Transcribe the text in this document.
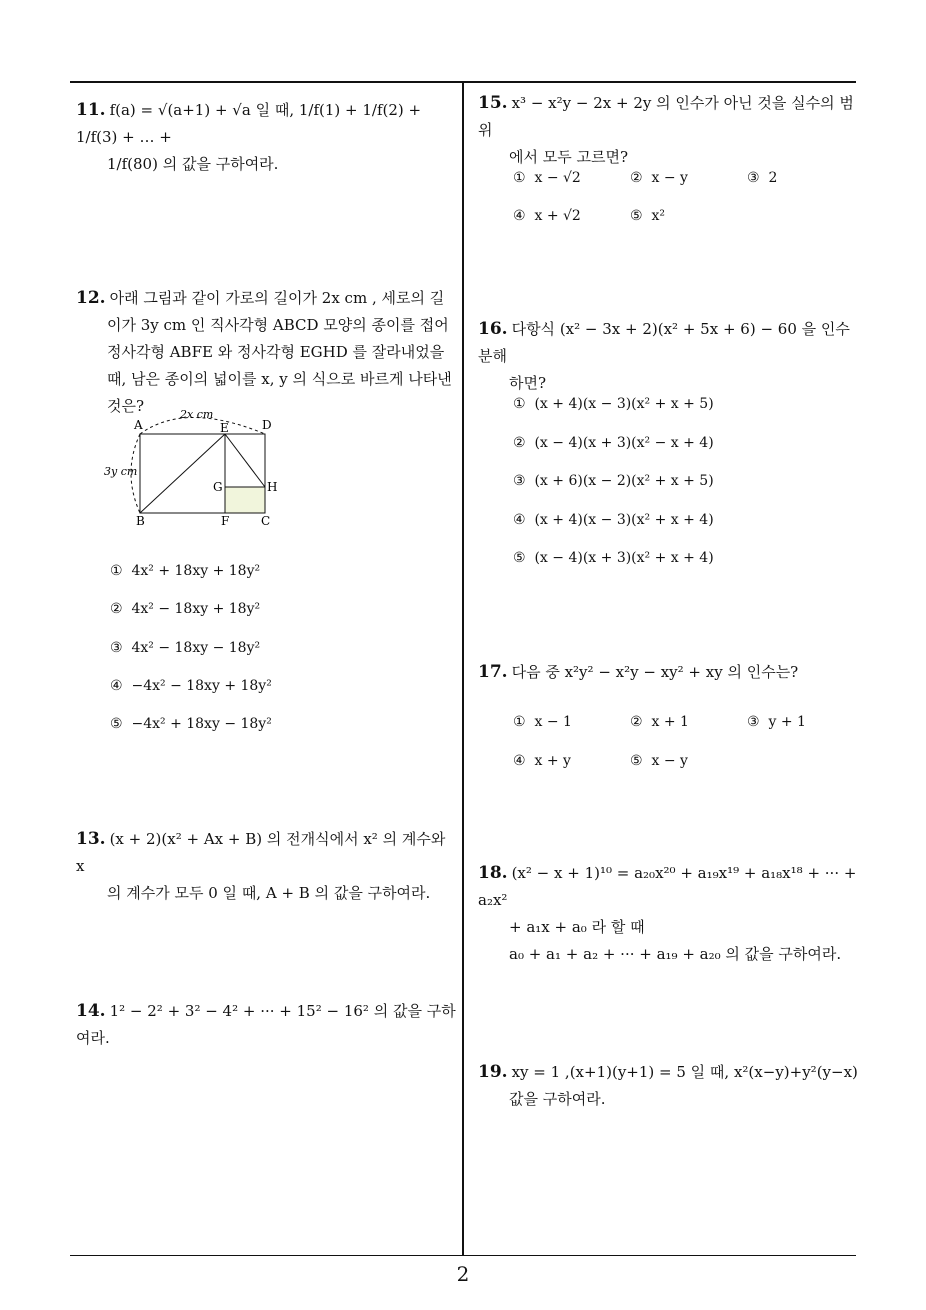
11. f(a) = √(a+1) + √a 일 때, 1/f(1) + 1/f(2) + 1/f(3) + … +
1/f(80) 의 값을 구하여라.
12. 아래 그림과 같이 가로의 길이가 2x cm , 세로의 길
이가 3y cm 인 직사각형 ABCD 모양의 종이를 접어
정사각형 ABFE 와 정사각형 EGHD 를 잘라내었을
때, 남은 종이의 넓이를 x, y 의 식으로 바르게 나타낸
것은?
A	E	D
G	H
B	F	C
2x cm
3y cm
① 4x² + 18xy + 18y²
② 4x² − 18xy + 18y²
③ 4x² − 18xy − 18y²
④ −4x² − 18xy + 18y²
⑤ −4x² + 18xy − 18y²
13. (x + 2)(x² + Ax + B) 의 전개식에서 x² 의 계수와 x
의 계수가 모두 0 일 때, A + B 의 값을 구하여라.
14. 1² − 2² + 3² − 4² + ··· + 15² − 16² 의 값을 구하여라.
15. x³ − x²y − 2x + 2y 의 인수가 아닌 것을 실수의 범위
에서 모두 고르면?
① x − √2	② x − y	③ 2
④ x + √2	⑤ x²
16. 다항식 (x² − 3x + 2)(x² + 5x + 6) − 60 을 인수분해
하면?
① (x + 4)(x − 3)(x² + x + 5)
② (x − 4)(x + 3)(x² − x + 4)
③ (x + 6)(x − 2)(x² + x + 5)
④ (x + 4)(x − 3)(x² + x + 4)
⑤ (x − 4)(x + 3)(x² + x + 4)
17. 다음 중 x²y² − x²y − xy² + xy 의 인수는?
① x − 1	② x + 1	③ y + 1
④ x + y	⑤ x − y
18. (x² − x + 1)¹⁰ = a₂₀x²⁰ + a₁₉x¹⁹ + a₁₈x¹⁸ + ··· + a₂x²
+ a₁x + a₀ 라 할 때
a₀ + a₁ + a₂ + ··· + a₁₉ + a₂₀ 의 값을 구하여라.
19. xy = 1 ,(x+1)(y+1) = 5 일 때, x²(x−y)+y²(y−x)
값을 구하여라.
2
